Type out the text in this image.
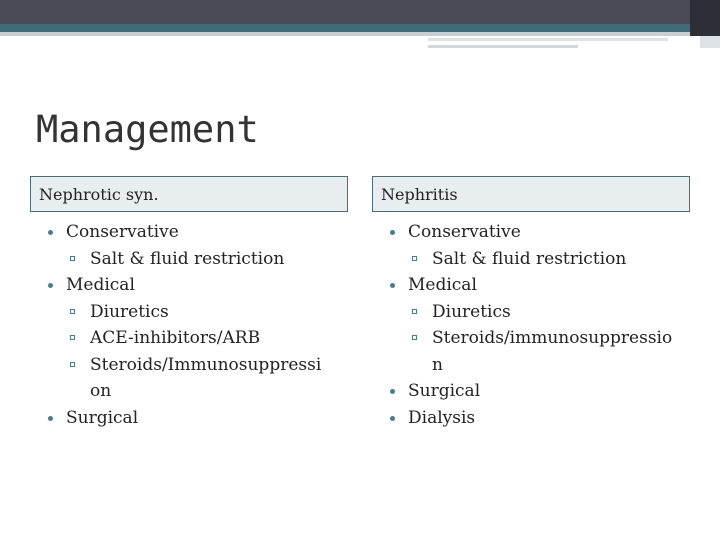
Management
Nephrotic syn.	Nephritis
Conservative
Salt & fluid restriction
Medical
Diuretics
ACE-inhibitors/ARB
Steroids/Immunosuppressi
on
Surgical
Conservative
Salt & fluid restriction
Medical
Diuretics
Steroids/immunosuppressio
n
Surgical
Dialysis
